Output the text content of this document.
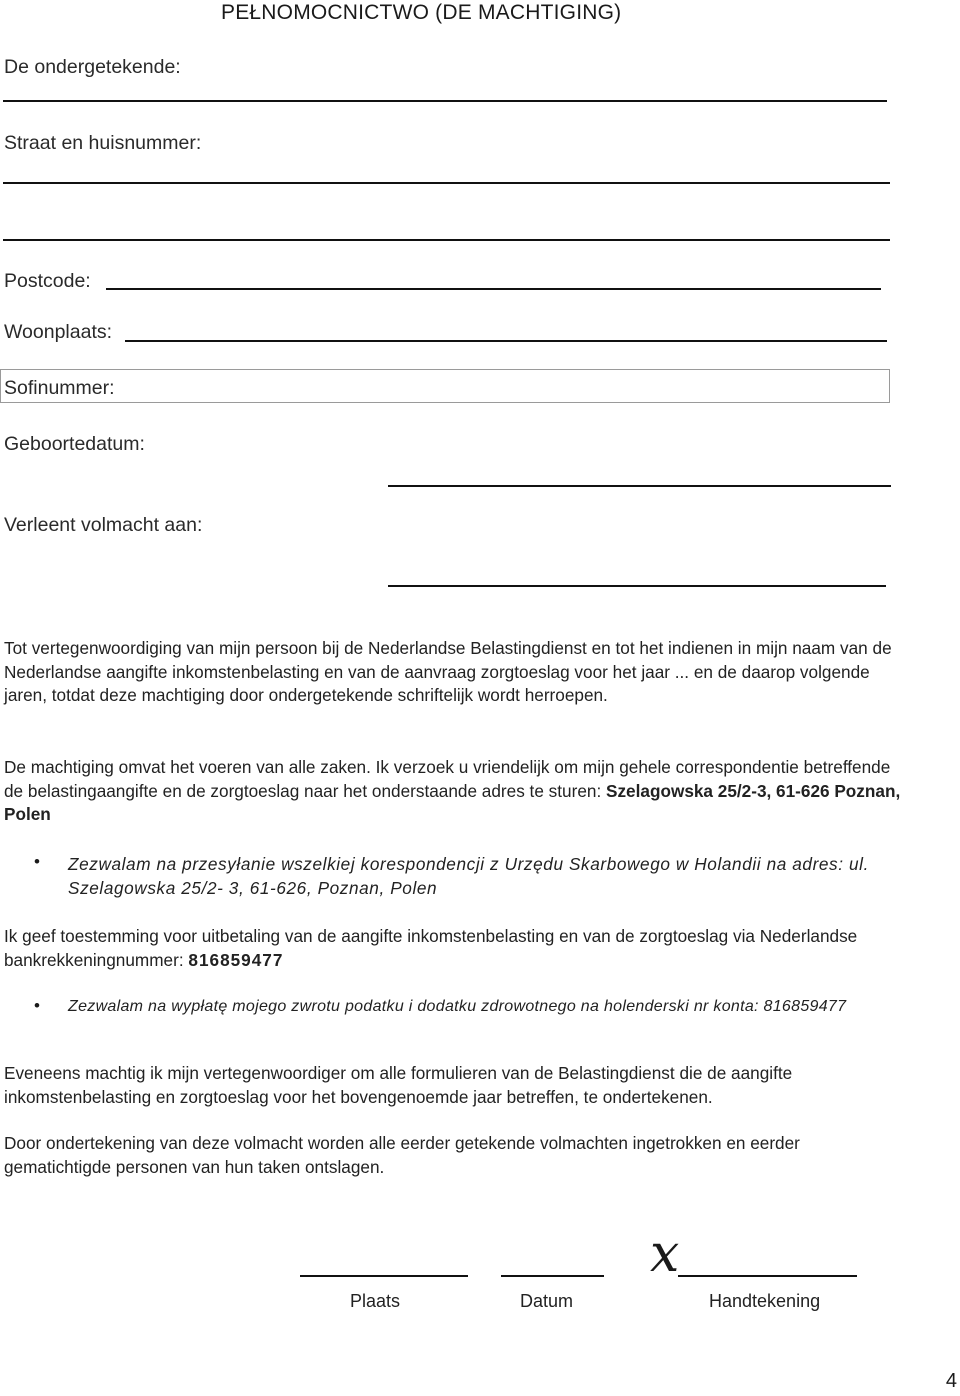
PEŁNOMOCNICTWO (DE MACHTIGING)
De ondergetekende:
Straat en huisnummer:
Postcode:
Woonplaats:
Sofinummer:
Geboortedatum:
Verleent volmacht aan:
Tot vertegenwoordiging van mijn persoon bij de Nederlandse Belastingdienst en tot het indienen in mijn naam van de Nederlandse aangifte inkomstenbelasting en van de aanvraag zorgtoeslag voor het jaar ... en de daarop volgende jaren, totdat deze machtiging door ondergetekende schriftelijk wordt herroepen.
De machtiging omvat het voeren van alle zaken. Ik verzoek u vriendelijk om mijn gehele correspondentie betreffende de belastingaangifte en de zorgtoeslag naar het onderstaande adres te sturen: Szelagowska 25/2-3, 61-626 Poznan, Polen
• Zezwalam na przesyłanie wszelkiej korespondencji z Urzędu Skarbowego w Holandii na adres: ul. Szelagowska 25/2- 3, 61-626, Poznan, Polen
Ik geef toestemming voor uitbetaling van de aangifte inkomstenbelasting en van de zorgtoeslag via Nederlandse bankrekkeningnummer: 816859477
• Zezwalam na wypłatę mojego zwrotu podatku i dodatku zdrowotnego na holenderski nr konta: 816859477
Eveneens machtig ik mijn vertegenwoordiger om alle formulieren van de Belastingdienst die de aangifte inkomstenbelasting en zorgtoeslag voor het bovengenoemde jaar betreffen, te ondertekenen.
Door ondertekening van deze volmacht worden alle eerder getekende volmachten ingetrokken en eerder gematichtigde personen van hun taken ontslagen.
x
Plaats	Datum	Handtekening
4
